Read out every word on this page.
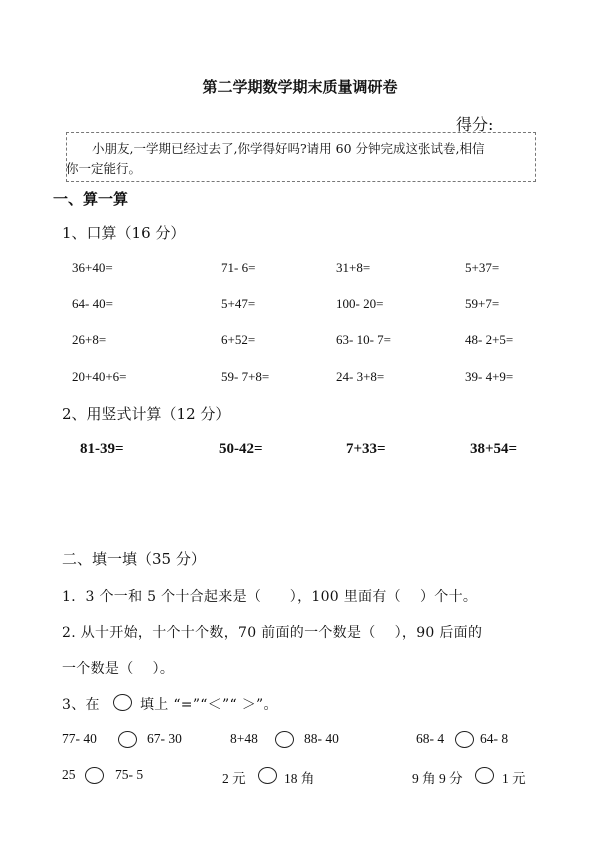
第二学期数学期末质量调研卷
得分:
小朋友,一学期已经过去了,你学得好吗?请用 60 分钟完成这张试卷,相信
你一定能行。
一、算一算
1、口算（16 分）
36+40=	71- 6=	31+8=	5+37=
64- 40=	5+47=	100- 20=	59+7=
26+8=	6+52=	63- 10- 7=	48- 2+5=
20+40+6=	59- 7+8=	24- 3+8=	39- 4+9=
2、用竖式计算（12 分）
81-39=	50-42=	7+33=	38+54=
二、填一填（35 分）
1．3 个一和 5 个十合起来是（　　），100 里面有（　 ）个十。
2. 从十开始，十个十个数，70 前面的一个数是（　 ），90 后面的
一个数是（　 ）。
3、在	填上 “=”“＜”“ ＞”。
77- 40	67- 30	8+48	88- 40	68- 4	64- 8
25	75- 5	2 元	18 角	9 角 9 分	1 元
